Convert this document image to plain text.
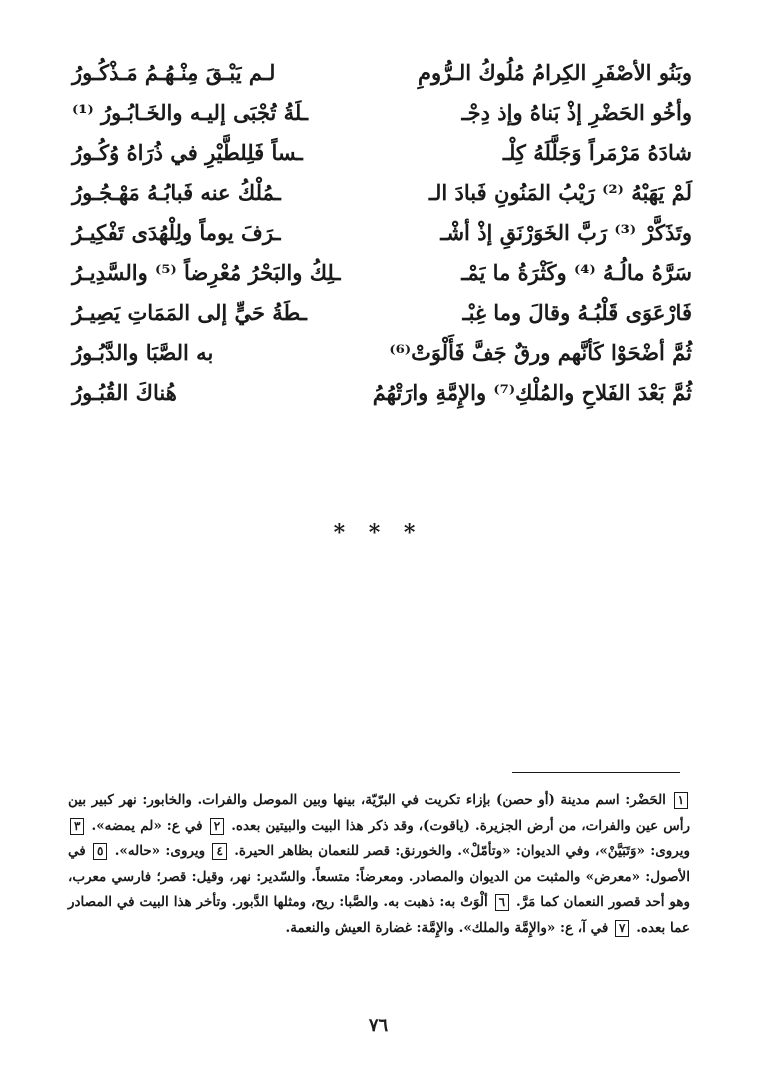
وبَنُو الأصْفَرِ الكِرامُ مُلُوكُ الـرُّومِ
لـم يَبْـقَ مِنْـهُـمُ مَـذْكُـورُ
وأخُو الحَضْرِ إذْ بَناهُ وإذ دِجْـ
ـلَةُ تُجْبَى إليـه والخَـابُـورُ ⁽¹⁾
شادَهُ مَرْمَراً وَجَلَّلَهُ كِلْـ
ـساً فَلِلطَّيْرِ في ذُرَاهُ وُكُـورُ
لَمْ يَهَبْهُ ⁽²⁾ رَيْبُ المَنُونِ فَبادَ الـ
ـمُلْكُ عنه فَبابُـهُ مَهْـجُـورُ
وتَذَكَّرْ ⁽³⁾ رَبَّ الخَوَرْنَقِ إذْ أشْـ
ـرَفَ يوماً ولِلْهُدَى تَفْكِيـرُ
سَرَّهُ مالُـهُ ⁽⁴⁾ وكَثْرَةُ ما يَمْـ
ـلِكُ والبَحْرُ مُعْرِضاً ⁽⁵⁾ والسَّدِيـرُ
فَارْعَوَى قَلْبُـهُ وقالَ وما غِبْـ
ـطَةُ حَيٍّ إلى المَمَاتِ يَصِيـرُ
ثُمَّ أضْحَوْا كَأنَّهم ورقٌ جَفَّ فَأَلْوَتْ⁽⁶⁾
به الصَّبَا والدَّبُـورُ
ثُمَّ بَعْدَ الفَلاحِ والمُلْكِ⁽⁷⁾ والإِمَّةِ وارَتْهُمُ
هُناكَ القُبُـورُ
* * *
١ الحَضْر: اسم مدينة (أو حصن) بإزاء تكريت في البرّيّة، بينها وبين الموصل والفرات. والخابور: نهر كبير بين رأس عين والفرات، من أرض الجزيرة. (ياقوت)، وقد ذكر هذا البيت والبيتين بعده. ٢ في ع: «لم يمضه». ٣ ويروى: «وَتَبَيَّنْ»، وفي الديوان: «وتأمّلْ». والخورنق: قصر للنعمان بظاهر الحيرة. ٤ ويروى: «حاله». ٥ في الأصول: «معرض» والمثبت من الديوان والمصادر. ومعرضاً: متسعاً. والسّدير: نهر، وقيل: قصر؛ فارسي معرب، وهو أحد قصور النعمان كما مَرَّ. ٦ ألْوَتْ به: ذهبت به. والصَّبا: ريح، ومثلها الدَّبور. وتأخر هذا البيت في المصادر عما بعده. ٧ في آ، ع: «والإِمَّة والملك». والإِمَّة: غضارة العيش والنعمة.
٧٦
